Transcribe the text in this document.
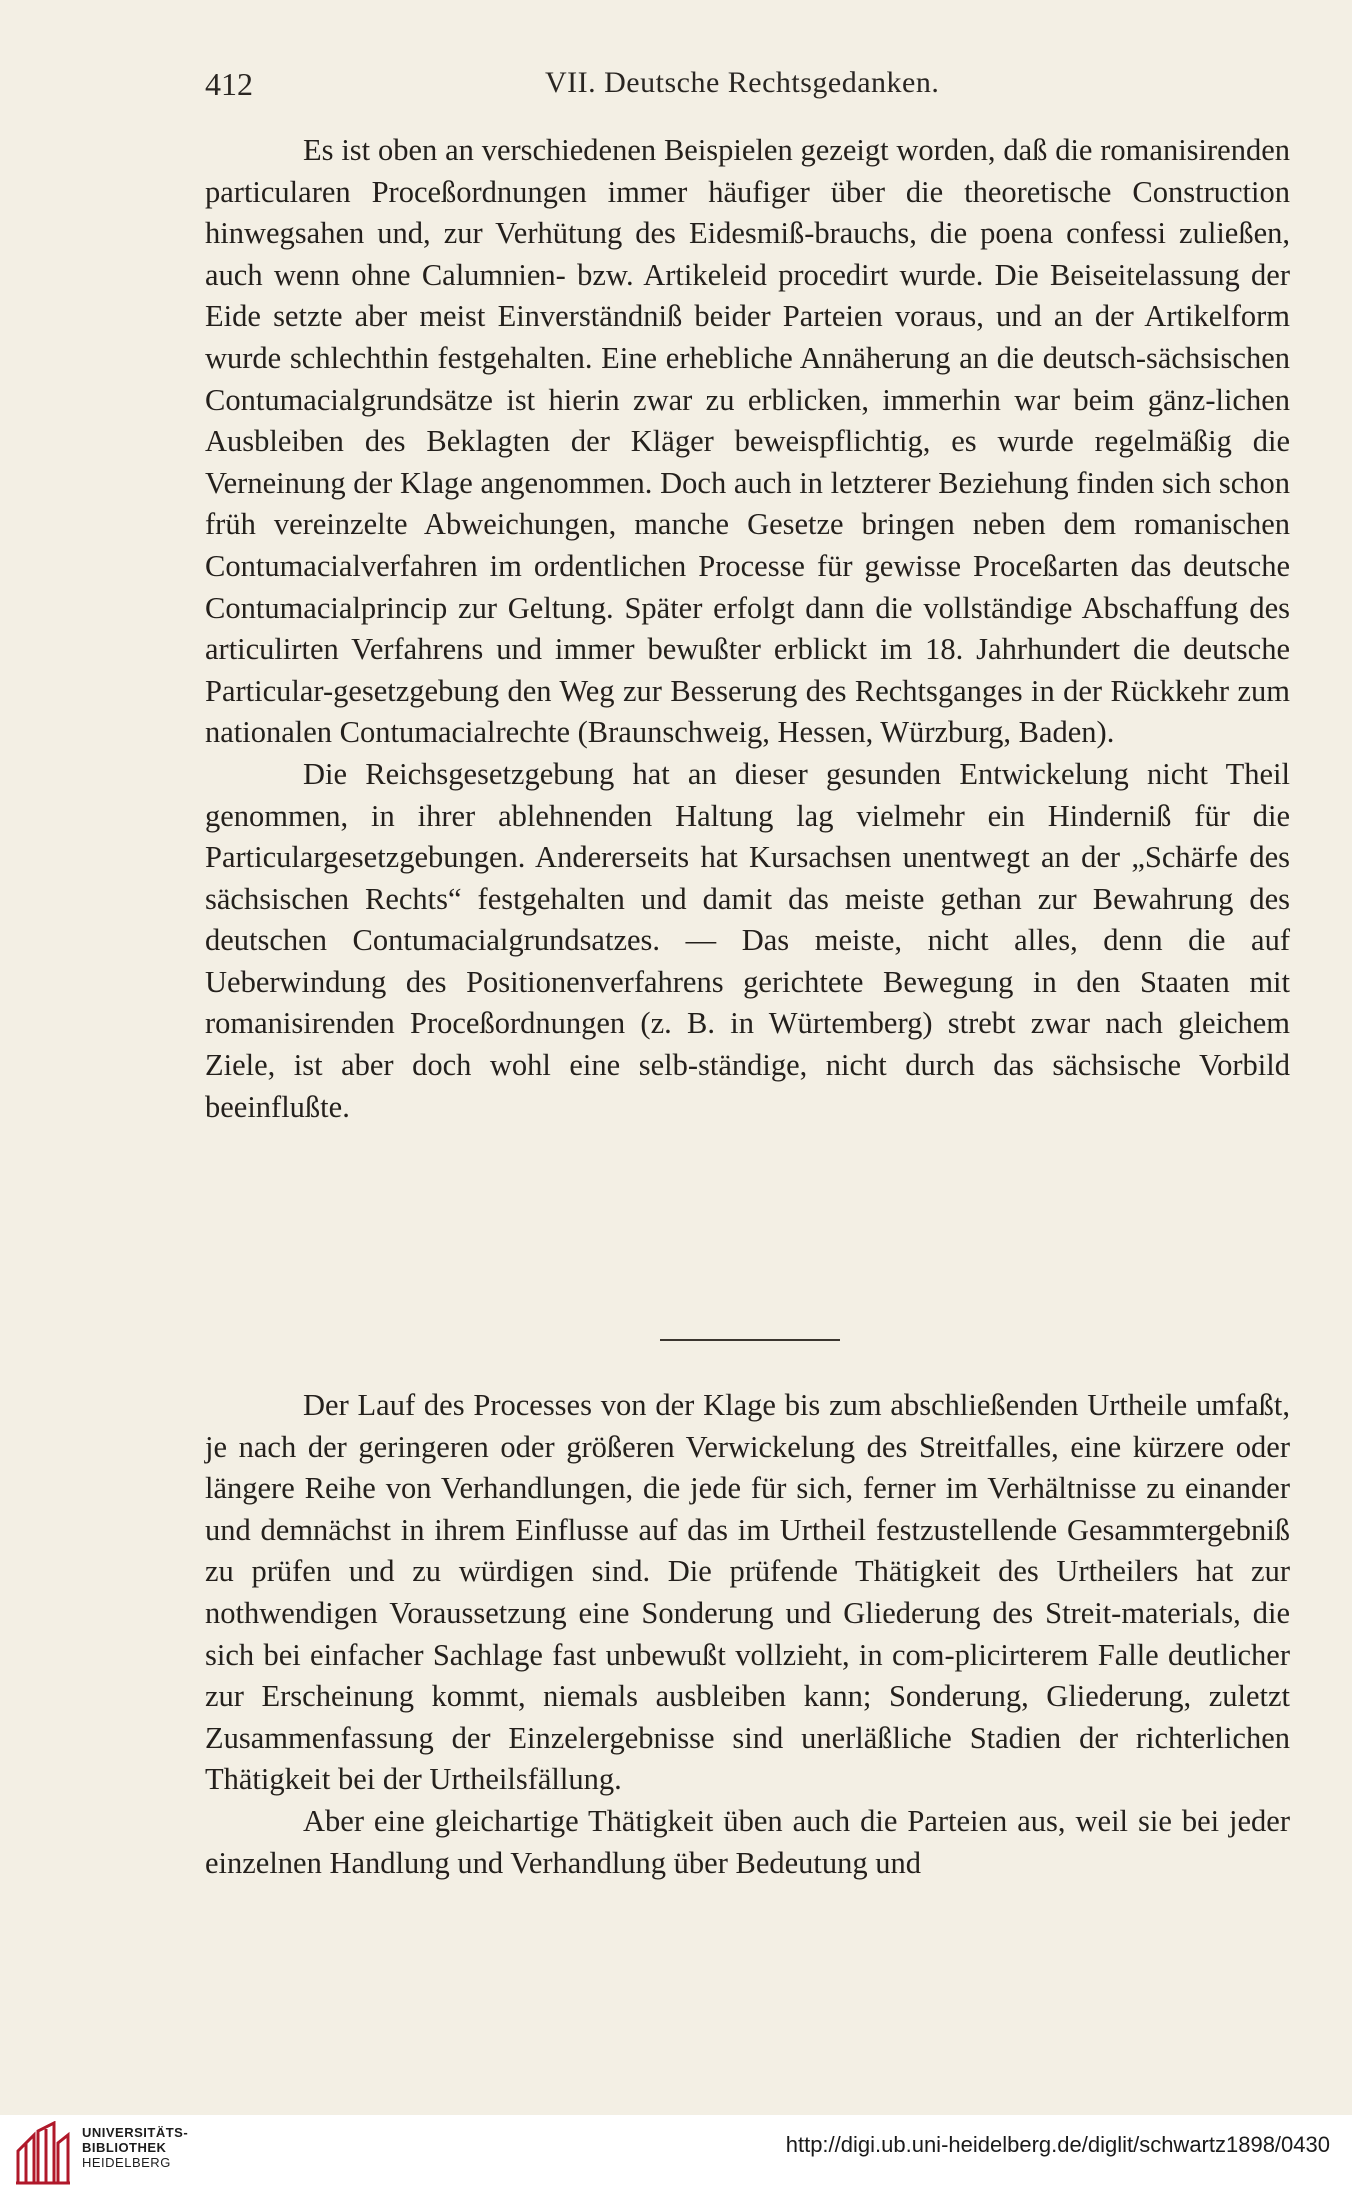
412	VII. Deutsche Rechtsgedanken.

Es ist oben an verschiedenen Beispielen gezeigt worden, daß die romanisirenden particularen Proceßordnungen immer häufiger über die theoretische Construction hinwegsahen und, zur Verhütung des Eidesmiß-brauchs, die poena confessi zuließen, auch wenn ohne Calumnien- bzw. Artikeleid procedirt wurde. Die Beiseitelassung der Eide setzte aber meist Einverständniß beider Parteien voraus, und an der Artikelform wurde schlechthin festgehalten. Eine erhebliche Annäherung an die deutsch-sächsischen Contumacialgrundsätze ist hierin zwar zu erblicken, immerhin war beim gänz-lichen Ausbleiben des Beklagten der Kläger beweispflichtig, es wurde regelmäßig die Verneinung der Klage angenommen. Doch auch in letzterer Beziehung finden sich schon früh vereinzelte Abweichungen, manche Gesetze bringen neben dem romanischen Contumacialverfahren im ordentlichen Processe für gewisse Proceßarten das deutsche Contumacialprincip zur Geltung. Später erfolgt dann die vollständige Abschaffung des articulirten Verfahrens und immer bewußter erblickt im 18. Jahrhundert die deutsche Particular-gesetzgebung den Weg zur Besserung des Rechtsganges in der Rückkehr zum nationalen Contumacialrechte (Braunschweig, Hessen, Würzburg, Baden).

Die Reichsgesetzgebung hat an dieser gesunden Entwickelung nicht Theil genommen, in ihrer ablehnenden Haltung lag vielmehr ein Hinderniß für die Particulargesetzgebungen. Andererseits hat Kursachsen unentwegt an der „Schärfe des sächsischen Rechts“ festgehalten und damit das meiste gethan zur Bewahrung des deutschen Contumacialgrundsatzes. — Das meiste, nicht alles, denn die auf Ueberwindung des Positionenverfahrens gerichtete Bewegung in den Staaten mit romanisirenden Proceßordnungen (z. B. in Würtemberg) strebt zwar nach gleichem Ziele, ist aber doch wohl eine selb-ständige, nicht durch das sächsische Vorbild beeinflußte.

Der Lauf des Processes von der Klage bis zum abschließenden Urtheile umfaßt, je nach der geringeren oder größeren Verwickelung des Streitfalles, eine kürzere oder längere Reihe von Verhandlungen, die jede für sich, ferner im Verhältnisse zu einander und demnächst in ihrem Einflusse auf das im Urtheil festzustellende Gesammtergebniß zu prüfen und zu würdigen sind. Die prüfende Thätigkeit des Urtheilers hat zur nothwendigen Voraussetzung eine Sonderung und Gliederung des Streit-materials, die sich bei einfacher Sachlage fast unbewußt vollzieht, in com-plicirterem Falle deutlicher zur Erscheinung kommt, niemals ausbleiben kann; Sonderung, Gliederung, zuletzt Zusammenfassung der Einzelergebnisse sind unerläßliche Stadien der richterlichen Thätigkeit bei der Urtheilsfällung.

Aber eine gleichartige Thätigkeit üben auch die Parteien aus, weil sie bei jeder einzelnen Handlung und Verhandlung über Bedeutung und

UNIVERSITÄTS-
BIBLIOTHEK
HEIDELBERG
http://digi.ub.uni-heidelberg.de/diglit/schwartz1898/0430
